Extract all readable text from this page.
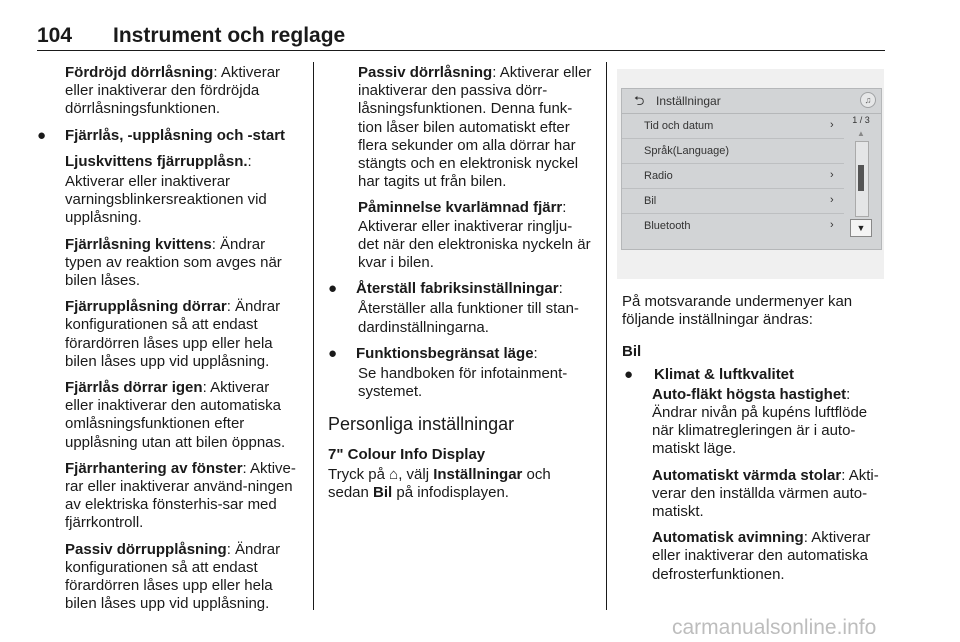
104 Instrument och reglage

Fördröjd dörrlåsning: Aktiverar eller inaktiverar den fördröjda dörrlåsningsfunktionen.

● Fjärrlås, -upplåsning och -start

Ljuskvittens fjärrupplåsn.:

Aktiverar eller inaktiverar varningsblinkersreaktionen vid upplåsning.

Fjärrlåsning kvittens: Ändrar typen av reaktion som avges när bilen låses.

Fjärrupplåsning dörrar: Ändrar konfigurationen så att endast förardörren låses upp eller hela bilen låses upp vid upplåsning.

Fjärrlås dörrar igen: Aktiverar eller inaktiverar den automatiska omlåsningsfunktionen efter upplåsning utan att bilen öppnas.

Fjärrhantering av fönster: Aktive-rar eller inaktiverar använd-ningen av elektriska fönsterhis-sar med fjärrkontroll.

Passiv dörrupplåsning: Ändrar konfigurationen så att endast förardörren låses upp eller hela bilen låses upp vid upplåsning.

Passiv dörrlåsning: Aktiverar eller inaktiverar den passiva dörr-låsningsfunktionen. Denna funk-tion låser bilen automatiskt efter flera sekunder om alla dörrar har stängts och en elektronisk nyckel har tagits ut från bilen.

Påminnelse kvarlämnad fjärr: Aktiverar eller inaktiverar ringlju-det när den elektroniska nyckeln är kvar i bilen.

● Återställ fabriksinställningar:

Återställer alla funktioner till stan-dardinställningarna.

● Funktionsbegränsat läge:

Se handboken för infotainment-systemet.

Personliga inställningar

7" Colour Info Display

Tryck på ⌂, välj Inställningar och sedan Bil på infodisplayen.

⮌ Inställningar	♫
Tid och datum	›
Språk(Language)
Radio	›
Bil	›
Bluetooth	›
1 / 3
▲
▼

På motsvarande undermenyer kan följande inställningar ändras:

Bil

● Klimat & luftkvalitet

Auto-fläkt högsta hastighet: Ändrar nivån på kupéns luftflöde när klimatregleringen är i auto-matiskt läge.

Automatiskt värmda stolar: Akti-verar den inställda värmen auto-matiskt.

Automatisk avimning: Aktiverar eller inaktiverar den automatiska defrosterfunktionen.

carmanualsonline.info
